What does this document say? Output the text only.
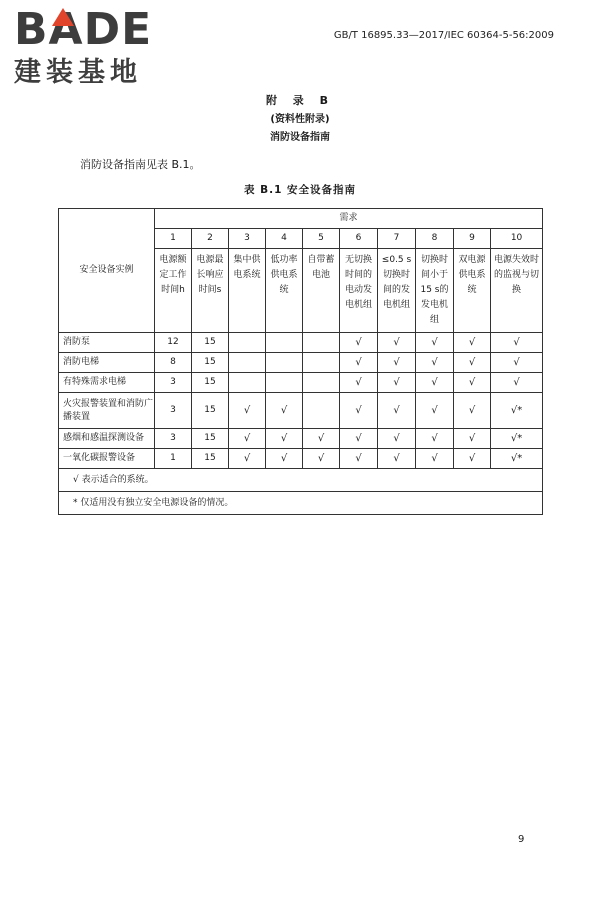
BADE
建装基地
GB/T 16895.33—2017/IEC 60364-5-56:2009
附 录 B
(资料性附录)
消防设备指南
消防设备指南见表 B.1。
表 B.1 安全设备指南
安全设备实例	需求									
	1	2	3	4	5	6	7	8	9	10
	电源额定工作时间h	电源最长响应时间s	集中供电系统	低功率供电系统	自带蓄电池	无切换时间的电动发电机组	≤0.5 s切换时间的发电机组	切换时间小于15 s的发电机组	双电源供电系统	电源失效时的监视与切换
消防泵	12	15				√	√	√	√	√
消防电梯	8	15				√	√	√	√	√
有特殊需求电梯	3	15				√	√	√	√	√
火灾报警装置和消防广播装置	3	15	√	√		√	√	√	√	√*
感烟和感温探测设备	3	15	√	√	√	√	√	√	√	√*
一氧化碳报警设备	1	15	√	√	√	√	√	√	√	√*
√ 表示适合的系统。										
* 仅适用没有独立安全电源设备的情况。										
9
